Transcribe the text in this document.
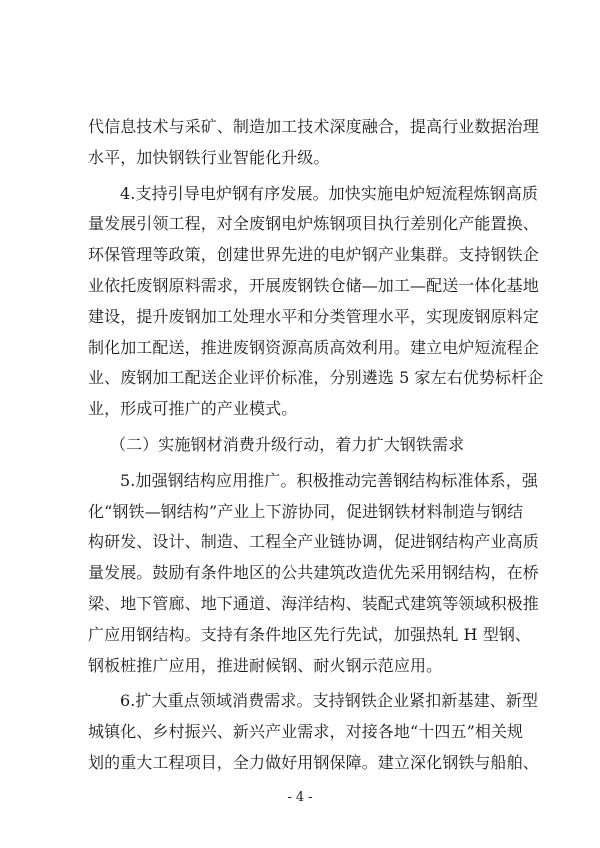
代信息技术与采矿、制造加工技术深度融合，提高行业数据治理
水平，加快钢铁行业智能化升级。
4.支持引导电炉钢有序发展。加快实施电炉短流程炼钢高质
量发展引领工程，对全废钢电炉炼钢项目执行差别化产能置换、
环保管理等政策，创建世界先进的电炉钢产业集群。支持钢铁企
业依托废钢原料需求，开展废钢铁仓储—加工—配送一体化基地
建设，提升废钢加工处理水平和分类管理水平，实现废钢原料定
制化加工配送，推进废钢资源高质高效利用。建立电炉短流程企
业、废钢加工配送企业评价标准，分别遴选 5 家左右优势标杆企
业，形成可推广的产业模式。
（二）实施钢材消费升级行动，着力扩大钢铁需求
5.加强钢结构应用推广。积极推动完善钢结构标准体系，强
化“钢铁—钢结构”产业上下游协同，促进钢铁材料制造与钢结
构研发、设计、制造、工程全产业链协调，促进钢结构产业高质
量发展。鼓励有条件地区的公共建筑改造优先采用钢结构，在桥
梁、地下管廊、地下通道、海洋结构、装配式建筑等领域积极推
广应用钢结构。支持有条件地区先行先试，加强热轧 H 型钢、
钢板桩推广应用，推进耐候钢、耐火钢示范应用。
6.扩大重点领域消费需求。支持钢铁企业紧扣新基建、新型
城镇化、乡村振兴、新兴产业需求，对接各地“十四五”相关规
划的重大工程项目，全力做好用钢保障。建立深化钢铁与船舶、
- 4 -
